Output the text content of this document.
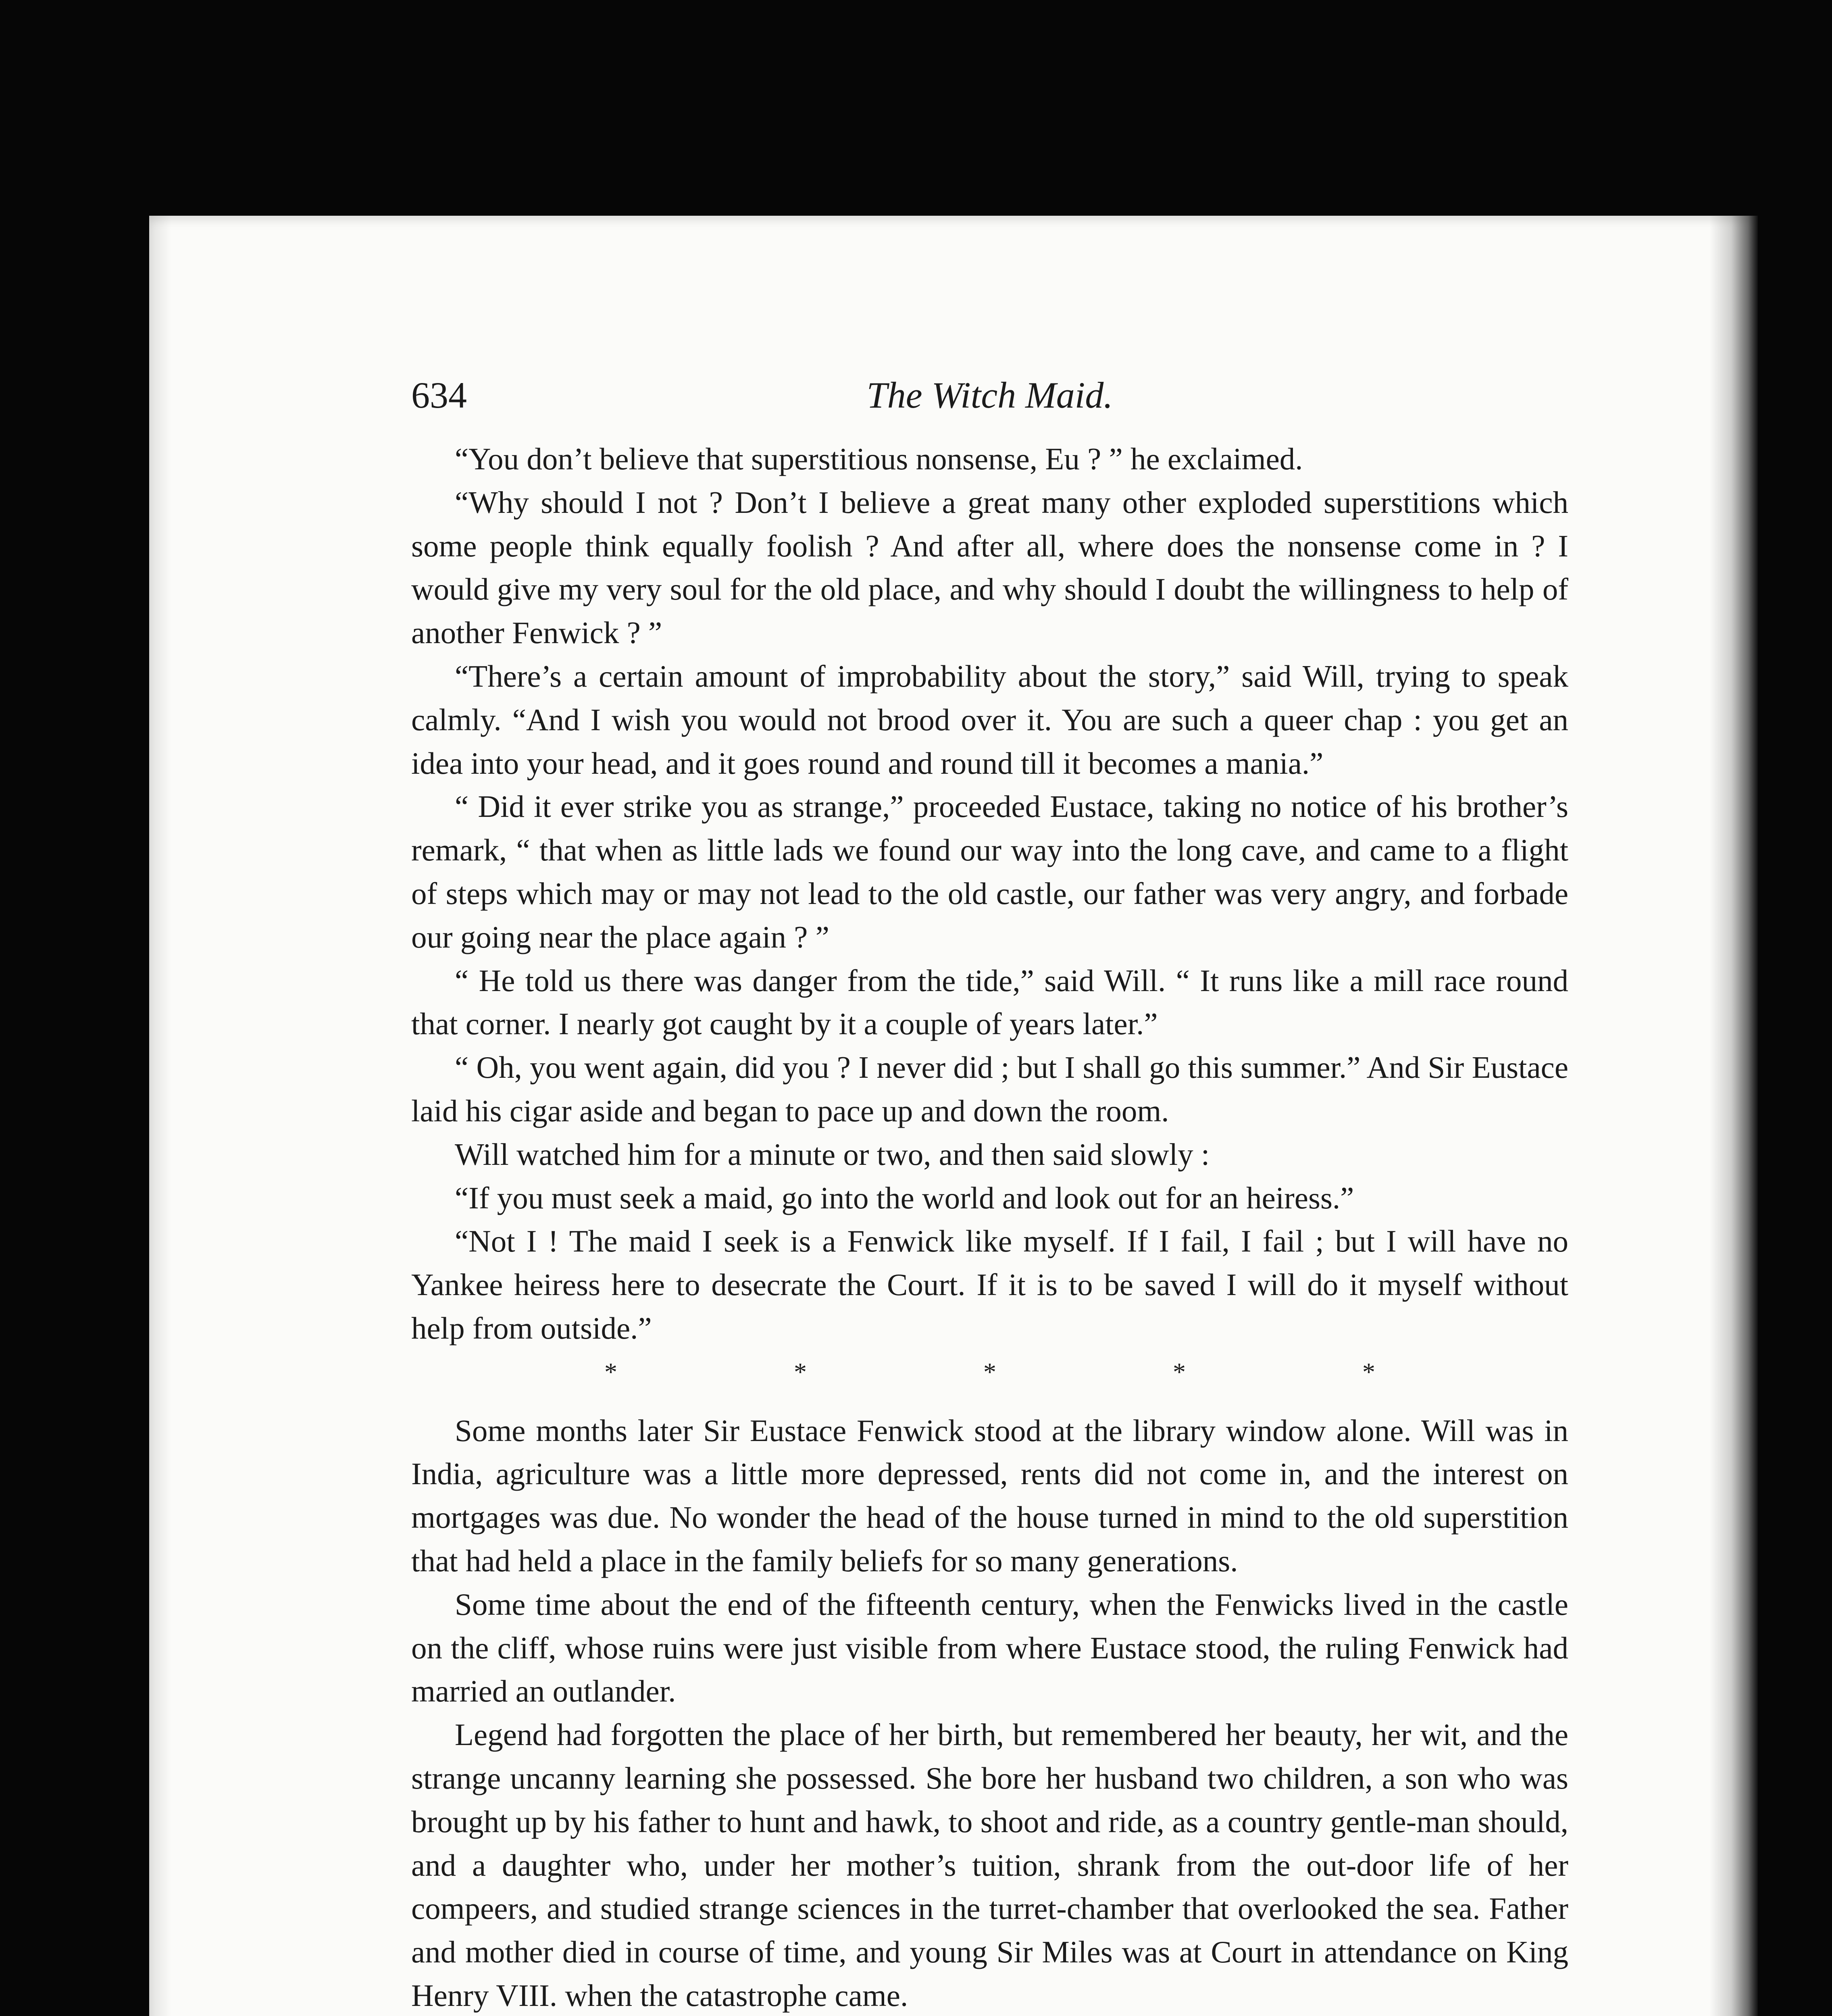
634	The Witch Maid.

“You don’t believe that superstitious nonsense, Eu ? ” he exclaimed.

“Why should I not ? Don’t I believe a great many other exploded superstitions which some people think equally foolish ? And after all, where does the nonsense come in ? I would give my very soul for the old place, and why should I doubt the willingness to help of another Fenwick ? ”

“There’s a certain amount of improbability about the story,” said Will, trying to speak calmly. “And I wish you would not brood over it. You are such a queer chap : you get an idea into your head, and it goes round and round till it becomes a mania.”

“ Did it ever strike you as strange,” proceeded Eustace, taking no notice of his brother’s remark, “ that when as little lads we found our way into the long cave, and came to a flight of steps which may or may not lead to the old castle, our father was very angry, and forbade our going near the place again ? ”

“ He told us there was danger from the tide,” said Will. “ It runs like a mill race round that corner. I nearly got caught by it a couple of years later.”

“ Oh, you went again, did you ? I never did ; but I shall go this summer.” And Sir Eustace laid his cigar aside and began to pace up and down the room.

Will watched him for a minute or two, and then said slowly :

“If you must seek a maid, go into the world and look out for an heiress.”

“Not I ! The maid I seek is a Fenwick like myself. If I fail, I fail ; but I will have no Yankee heiress here to desecrate the Court. If it is to be saved I will do it myself without help from outside.”

*	*	*	*	*

Some months later Sir Eustace Fenwick stood at the library window alone. Will was in India, agriculture was a little more depressed, rents did not come in, and the interest on mortgages was due. No wonder the head of the house turned in mind to the old superstition that had held a place in the family beliefs for so many generations.

Some time about the end of the fifteenth century, when the Fenwicks lived in the castle on the cliff, whose ruins were just visible from where Eustace stood, the ruling Fenwick had married an outlander.

Legend had forgotten the place of her birth, but remembered her beauty, her wit, and the strange uncanny learning she possessed. She bore her husband two children, a son who was brought up by his father to hunt and hawk, to shoot and ride, as a country gentle-man should, and a daughter who, under her mother’s tuition, shrank from the out-door life of her compeers, and studied strange sciences in the turret-chamber that overlooked the sea. Father and mother died in course of time, and young Sir Miles was at Court in attendance on King Henry VIII. when the catastrophe came.
